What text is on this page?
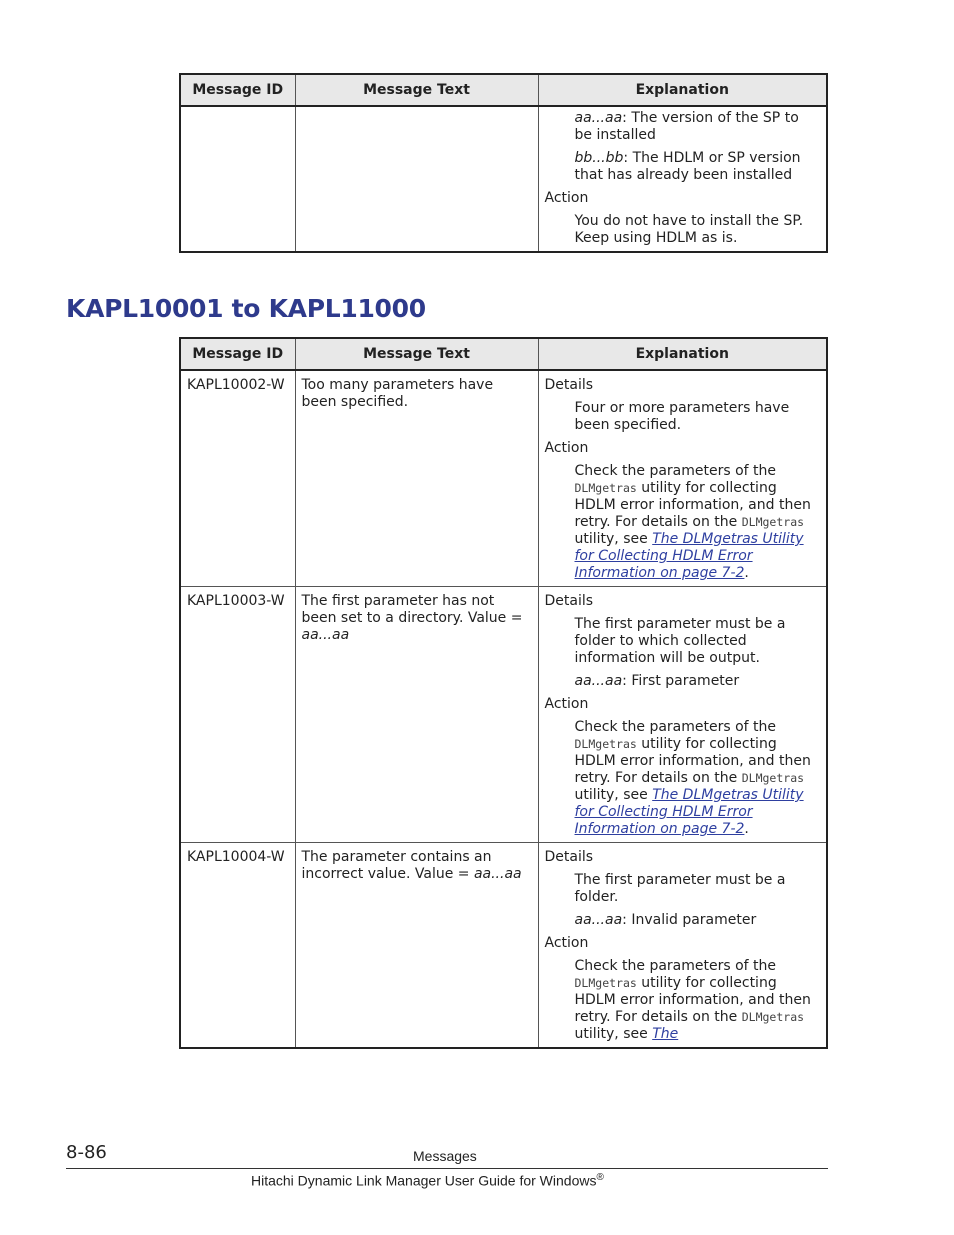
Message ID	Message Text	Explanation

		aa...aa: The version of the SP to be installed
bb...bb: The HDLM or SP version that has already been installed
Action
You do not have to install the SP. Keep using HDLM as is.
KAPL10001 to KAPL11000
Message ID	Message Text	Explanation
KAPL10002-W	Too many parameters have been specified.	Details
Four or more parameters have been specified.
Action
Check the parameters of the DLMgetras utility for collecting HDLM error information, and then retry. For details on the DLMgetras utility, see The DLMgetras Utility for Collecting HDLM Error Information on page 7-2.

KAPL10003-W	The first parameter has not been set to a directory. Value = aa...aa	Details
The first parameter must be a folder to which collected information will be output.
aa...aa: First parameter
Action
Check the parameters of the DLMgetras utility for collecting HDLM error information, and then retry. For details on the DLMgetras utility, see The DLMgetras Utility for Collecting HDLM Error Information on page 7-2.

KAPL10004-W	The parameter contains an incorrect value. Value = aa...aa	Details
The first parameter must be a folder.
aa...aa: Invalid parameter
Action
Check the parameters of the DLMgetras utility for collecting HDLM error information, and then retry. For details on the DLMgetras utility, see The
8-86	Messages
Hitachi Dynamic Link Manager User Guide for Windows®
